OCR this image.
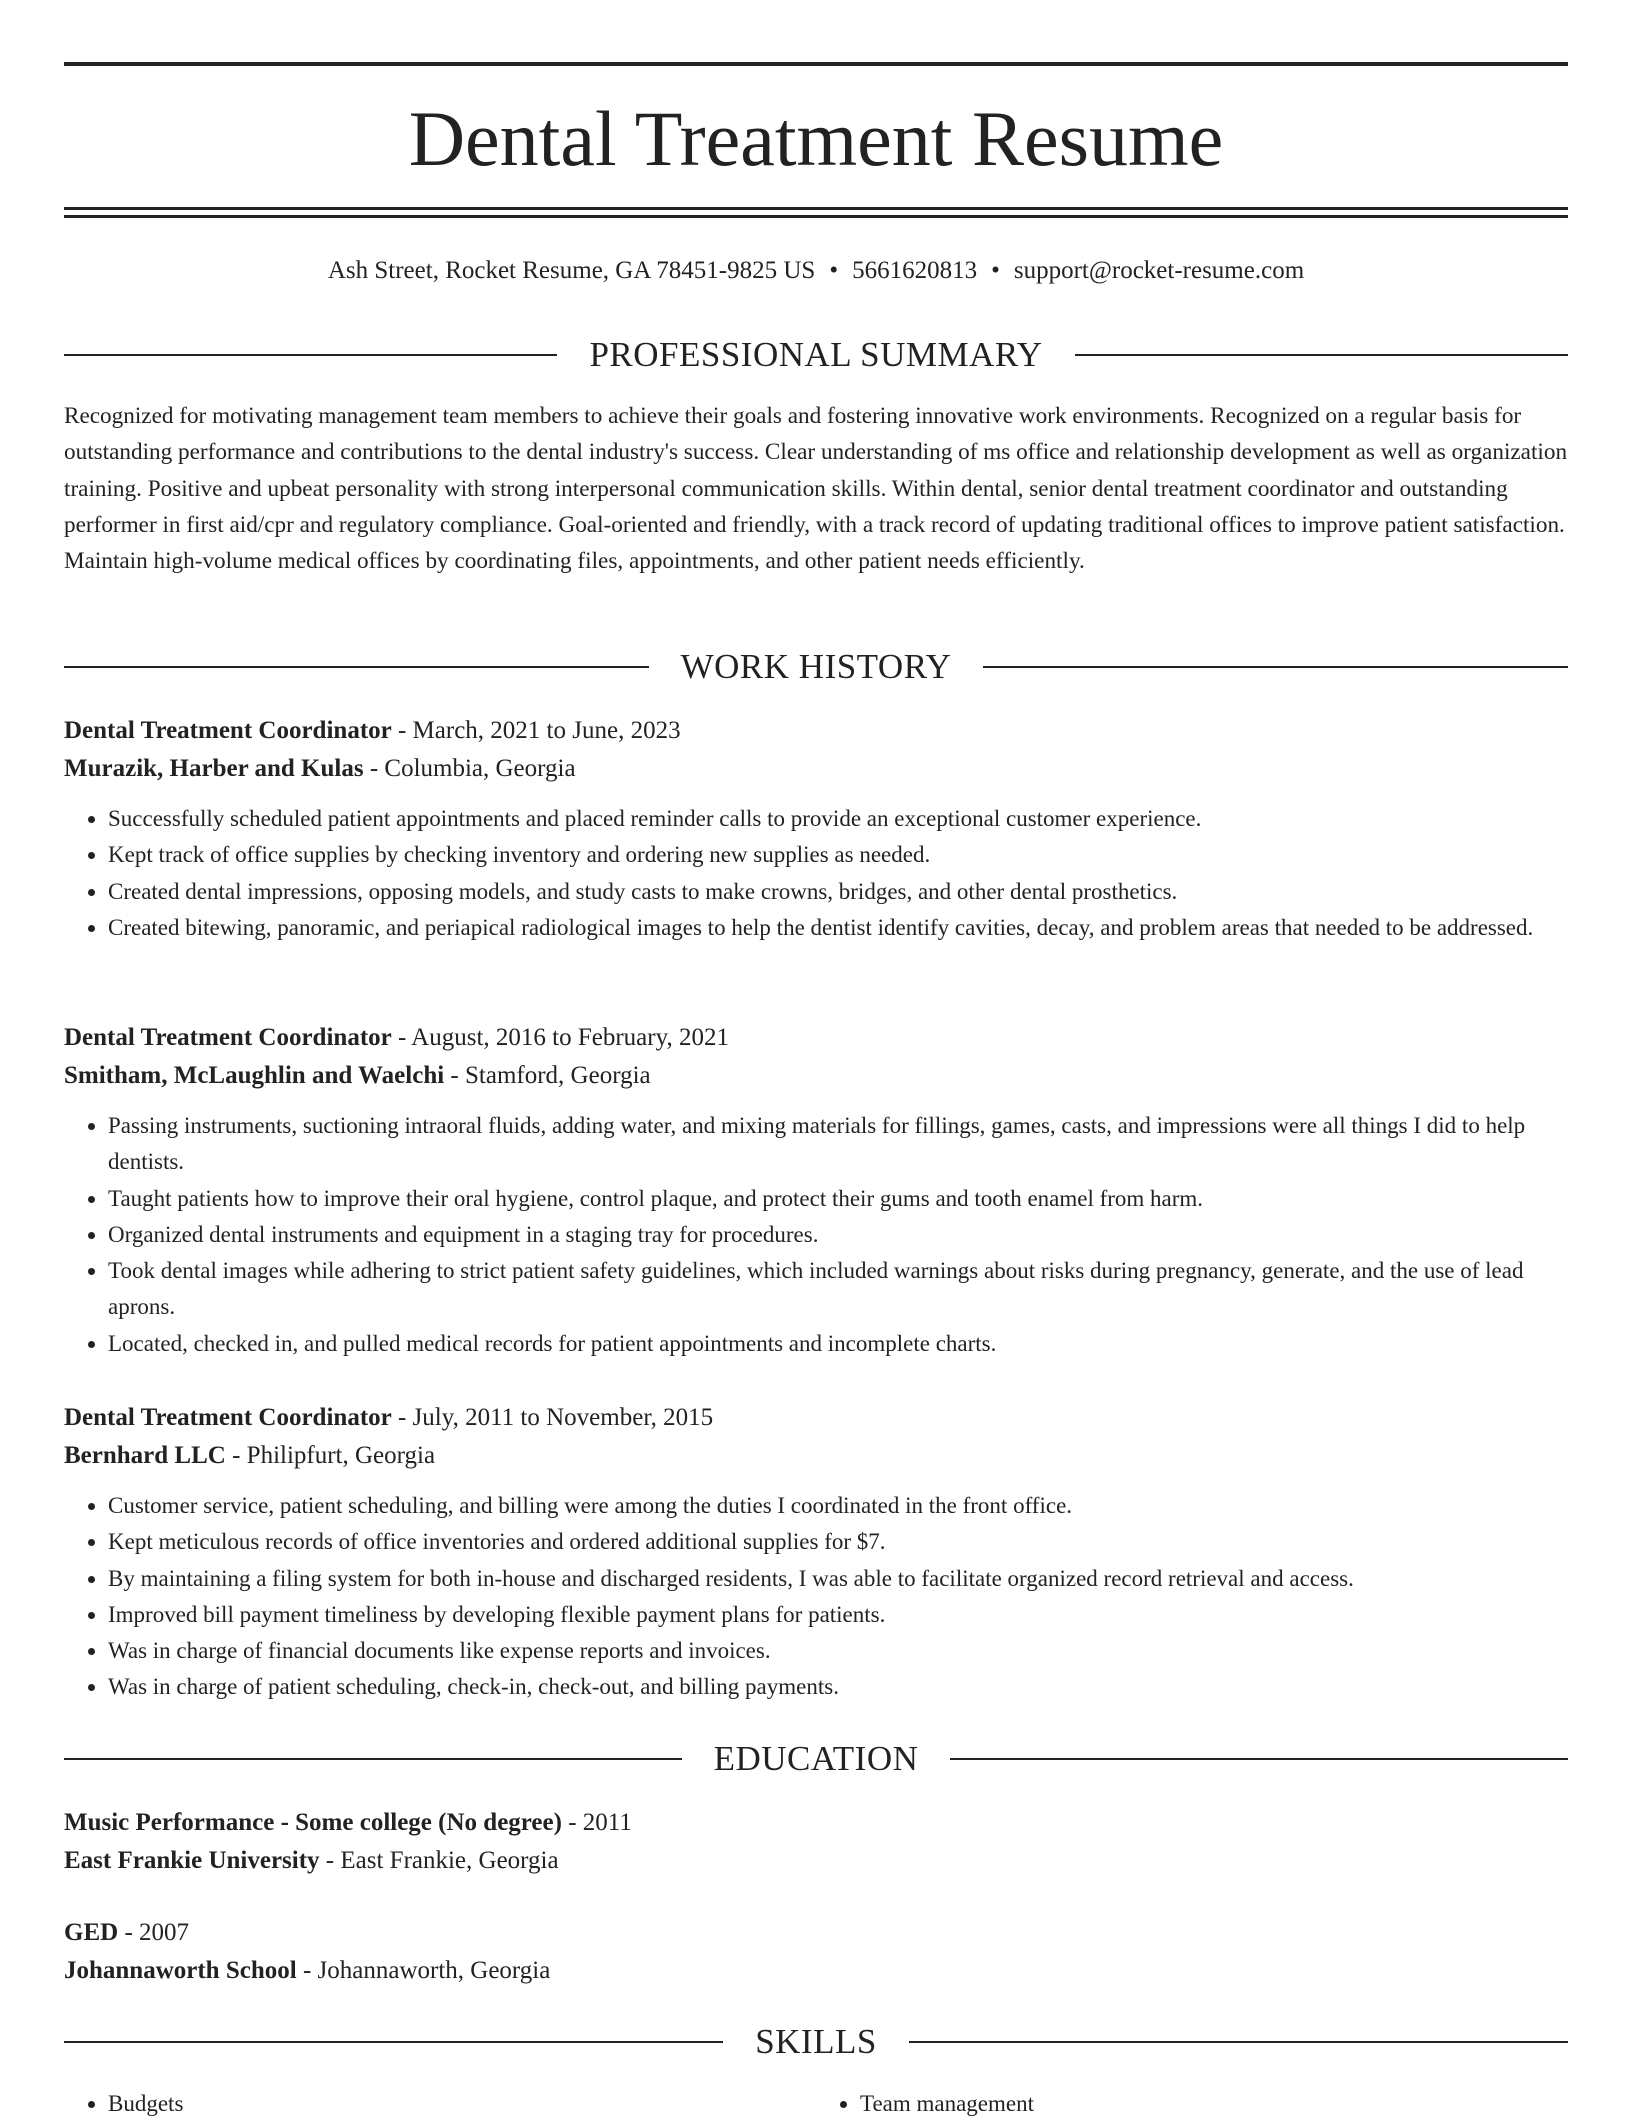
Dental Treatment Resume
Ash Street, Rocket Resume, GA 78451-9825 US • 5661620813 • support@rocket-resume.com
PROFESSIONAL SUMMARY

Recognized for motivating management team members to achieve their goals and fostering innovative work environments. Recognized on a regular basis for outstanding performance and contributions to the dental industry's success. Clear understanding of ms office and relationship development as well as organization training. Positive and upbeat personality with strong interpersonal communication skills. Within dental, senior dental treatment coordinator and outstanding performer in first aid/cpr and regulatory compliance. Goal-oriented and friendly, with a track record of updating traditional offices to improve patient satisfaction. Maintain high-volume medical offices by coordinating files, appointments, and other patient needs efficiently.

WORK HISTORY
Dental Treatment Coordinator - March, 2021 to June, 2023
Murazik, Harber and Kulas - Columbia, Georgia
• Successfully scheduled patient appointments and placed reminder calls to provide an exceptional customer experience.
• Kept track of office supplies by checking inventory and ordering new supplies as needed.
• Created dental impressions, opposing models, and study casts to make crowns, bridges, and other dental prosthetics.
• Created bitewing, panoramic, and periapical radiological images to help the dentist identify cavities, decay, and problem areas that needed to be addressed.
Dental Treatment Coordinator - August, 2016 to February, 2021
Smitham, McLaughlin and Waelchi - Stamford, Georgia
• Passing instruments, suctioning intraoral fluids, adding water, and mixing materials for fillings, games, casts, and impressions were all things I did to help dentists.
• Taught patients how to improve their oral hygiene, control plaque, and protect their gums and tooth enamel from harm.
• Organized dental instruments and equipment in a staging tray for procedures.
• Took dental images while adhering to strict patient safety guidelines, which included warnings about risks during pregnancy, generate, and the use of lead aprons.
• Located, checked in, and pulled medical records for patient appointments and incomplete charts.
Dental Treatment Coordinator - July, 2011 to November, 2015
Bernhard LLC - Philipfurt, Georgia
• Customer service, patient scheduling, and billing were among the duties I coordinated in the front office.
• Kept meticulous records of office inventories and ordered additional supplies for $7.
• By maintaining a filing system for both in-house and discharged residents, I was able to facilitate organized record retrieval and access.
• Improved bill payment timeliness by developing flexible payment plans for patients.
• Was in charge of financial documents like expense reports and invoices.
• Was in charge of patient scheduling, check-in, check-out, and billing payments.
EDUCATION
Music Performance - Some college (No degree) - 2011
East Frankie University - East Frankie, Georgia
GED - 2007
Johannaworth School - Johannaworth, Georgia
SKILLS
• Budgets
•	Team management
